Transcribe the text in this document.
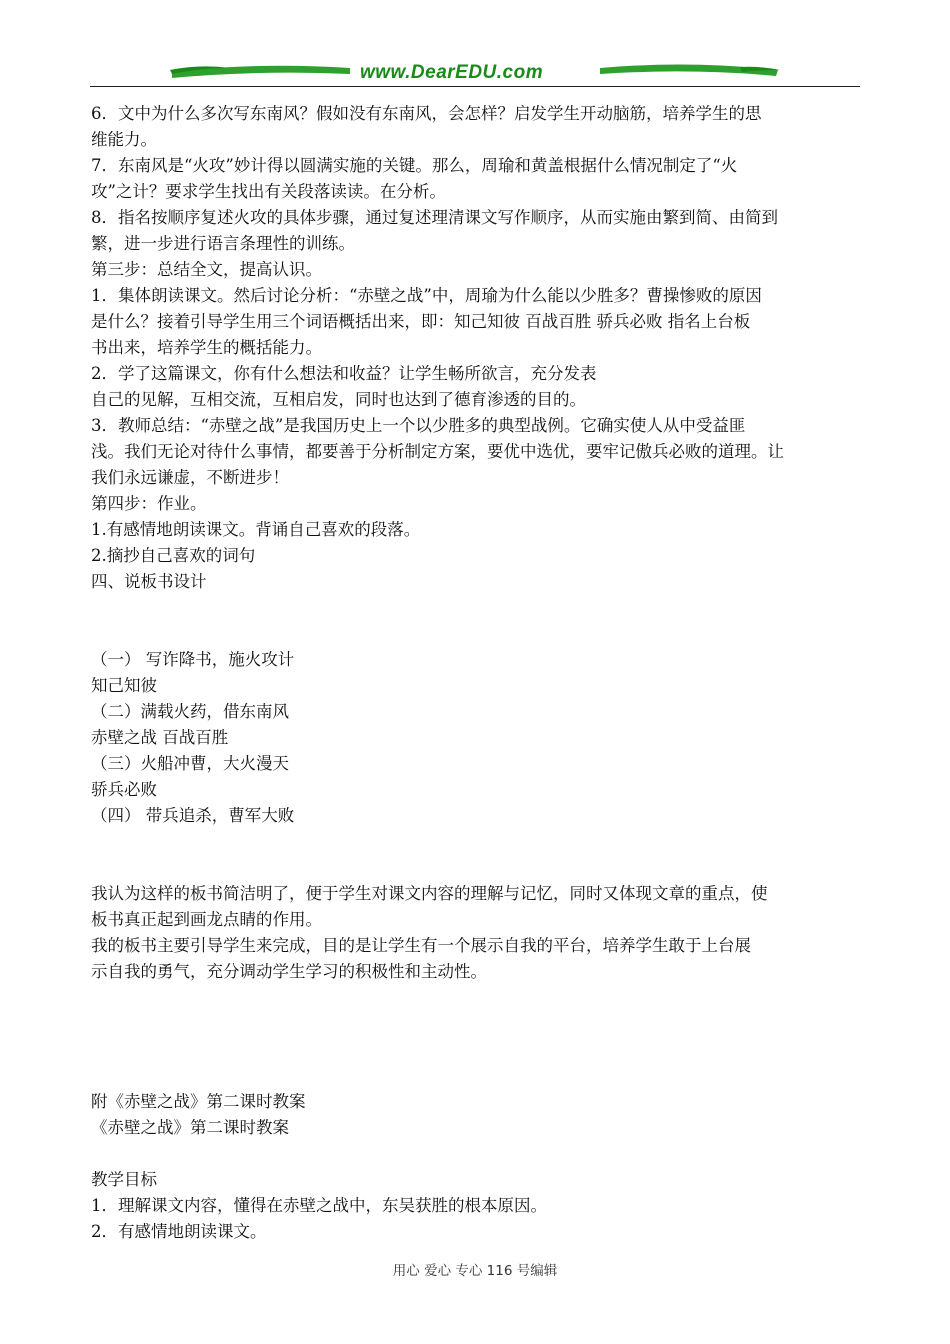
www.DearEDU.com
6．文中为什么多次写东南风？假如没有东南风，会怎样？启发学生开动脑筋，培养学生的思
维能力。
7．东南风是“火攻”妙计得以圆满实施的关键。那么，周瑜和黄盖根据什么情况制定了“火
攻”之计？要求学生找出有关段落读读。在分析。
8．指名按顺序复述火攻的具体步骤，通过复述理清课文写作顺序，从而实施由繁到简、由简到
繁，进一步进行语言条理性的训练。
第三步：总结全文，提高认识。
1．集体朗读课文。然后讨论分析：“赤壁之战”中，周瑜为什么能以少胜多？曹操惨败的原因
是什么？接着引导学生用三个词语概括出来，即：知己知彼 百战百胜 骄兵必败 指名上台板
书出来，培养学生的概括能力。
2．学了这篇课文，你有什么想法和收益？让学生畅所欲言，充分发表
自己的见解，互相交流，互相启发，同时也达到了德育渗透的目的。
3．教师总结：“赤壁之战”是我国历史上一个以少胜多的典型战例。它确实使人从中受益匪
浅。我们无论对待什么事情，都要善于分析制定方案，要优中选优，要牢记傲兵必败的道理。让
我们永远谦虚，不断进步！
第四步：作业。
1.有感情地朗读课文。背诵自己喜欢的段落。
2.摘抄自己喜欢的词句
四、说板书设计
（一） 写诈降书，施火攻计
知己知彼
（二）满载火药，借东南风
赤壁之战 百战百胜
（三）火船冲曹，大火漫天
骄兵必败
（四） 带兵追杀，曹军大败
我认为这样的板书简洁明了，便于学生对课文内容的理解与记忆，同时又体现文章的重点，使
板书真正起到画龙点睛的作用。
我的板书主要引导学生来完成，目的是让学生有一个展示自我的平台，培养学生敢于上台展
示自我的勇气，充分调动学生学习的积极性和主动性。
附《赤壁之战》第二课时教案
《赤壁之战》第二课时教案
教学目标
1．理解课文内容，懂得在赤壁之战中，东吴获胜的根本原因。
2．有感情地朗读课文。
用心 爱心 专心 116 号编辑
